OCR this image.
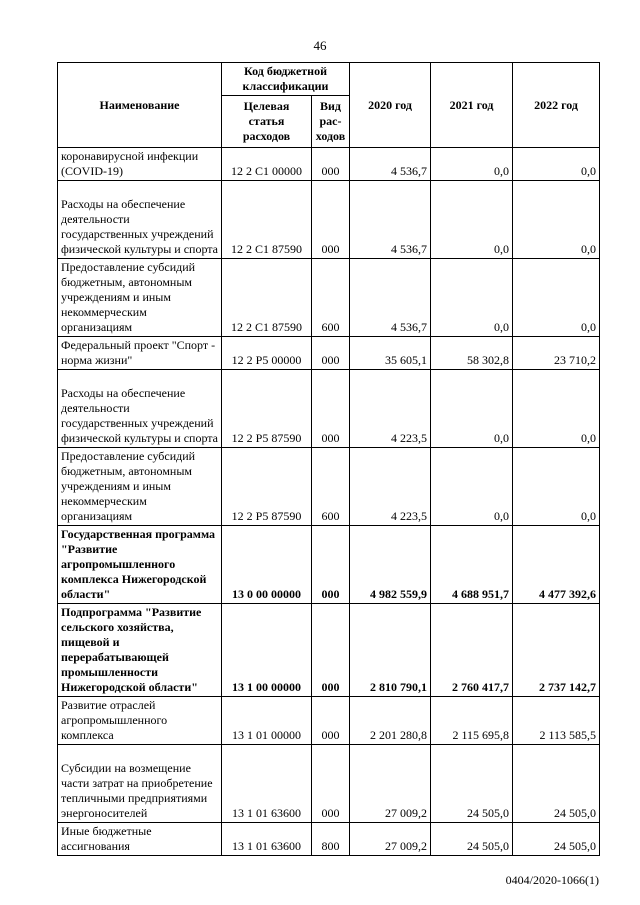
46
Наименование	Код бюджетной классификации		2020 год	2021 год	2022 год
	Целевая статья расходов	Вид рас-ходов			
коронавирусной инфекции (COVID-19)	12 2 C1 00000	000	4 536,7	0,0	0,0
Расходы на обеспечение деятельности государственных учреждений физической культуры и спорта	12 2 C1 87590	000	4 536,7	0,0	0,0
Предоставление субсидий бюджетным, автономным учреждениям и иным некоммерческим организациям	12 2 C1 87590	600	4 536,7	0,0	0,0
Федеральный проект "Спорт - норма жизни"	12 2 P5 00000	000	35 605,1	58 302,8	23 710,2
Расходы на обеспечение деятельности государственных учреждений физической культуры и спорта	12 2 P5 87590	000	4 223,5	0,0	0,0
Предоставление субсидий бюджетным, автономным учреждениям и иным некоммерческим организациям	12 2 P5 87590	600	4 223,5	0,0	0,0
Государственная программа "Развитие агропромышленного комплекса Нижегородской области"	13 0 00 00000	000	4 982 559,9	4 688 951,7	4 477 392,6
Подпрограмма "Развитие сельского хозяйства, пищевой и перерабатывающей промышленности Нижегородской области"	13 1 00 00000	000	2 810 790,1	2 760 417,7	2 737 142,7
Развитие отраслей агропромышленного комплекса	13 1 01 00000	000	2 201 280,8	2 115 695,8	2 113 585,5
Субсидии на возмещение части затрат на приобретение тепличными предприятиями энергоносителей	13 1 01 63600	000	27 009,2	24 505,0	24 505,0
Иные бюджетные ассигнования	13 1 01 63600	800	27 009,2	24 505,0	24 505,0
0404/2020-1066(1)
